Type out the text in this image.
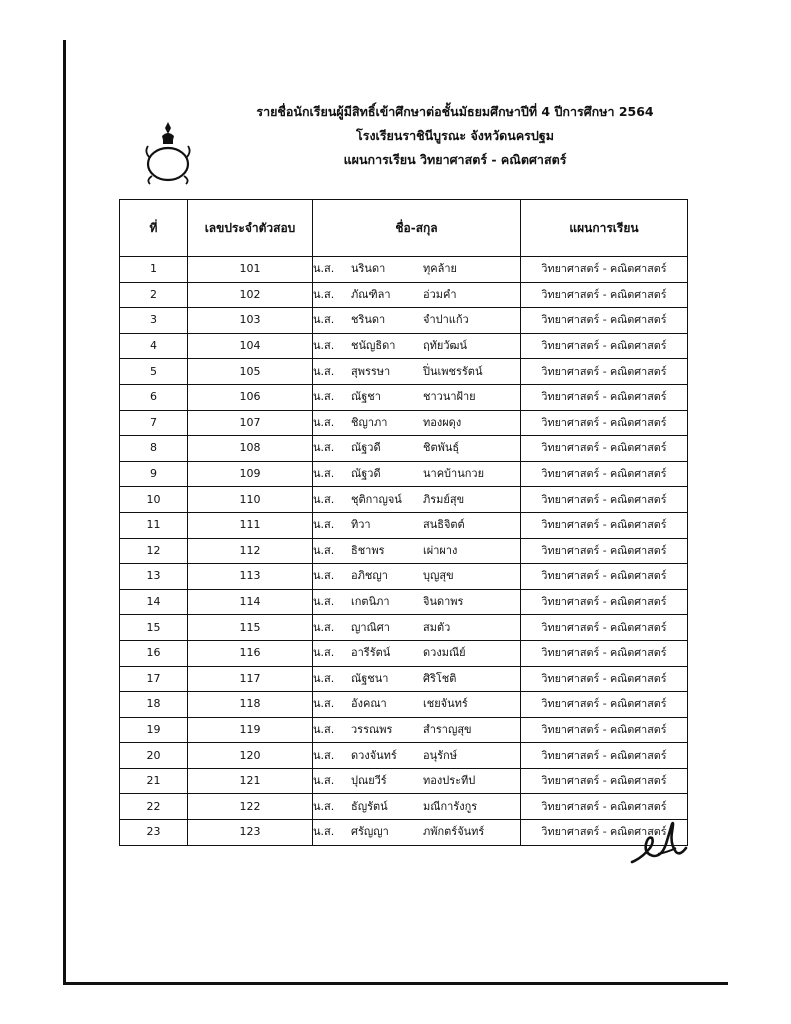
รายชื่อนักเรียนผู้มีสิทธิ์เข้าศึกษาต่อชั้นมัธยมศึกษาปีที่ 4 ปีการศึกษา 2564
โรงเรียนราชินีบูรณะ จังหวัดนครปฐม
แผนการเรียน วิทยาศาสตร์ - คณิตศาสตร์
ที่	เลขประจำตัวสอบ	ชื่อ-สกุล	แผนการเรียน
1	101	น.ส. นรินดา ทุคล้าย	วิทยาศาสตร์ - คณิตศาสตร์
2	102	น.ส. ภัณฑิลา อ่วมคำ	วิทยาศาสตร์ - คณิตศาสตร์
3	103	น.ส. ชรินดา จำปาแก้ว	วิทยาศาสตร์ - คณิตศาสตร์
4	104	น.ส. ชนัญธิดา ฤทัยวัฒน์	วิทยาศาสตร์ - คณิตศาสตร์
5	105	น.ส. สุพรรษา ปิ่นเพชรรัตน์	วิทยาศาสตร์ - คณิตศาสตร์
6	106	น.ส. ณัฐชา ชาวนาฝ้าย	วิทยาศาสตร์ - คณิตศาสตร์
7	107	น.ส. ชิญาภา ทองผดุง	วิทยาศาสตร์ - คณิตศาสตร์
8	108	น.ส. ณัฐวดี ชิตพันธุ์	วิทยาศาสตร์ - คณิตศาสตร์
9	109	น.ส. ณัฐวดี นาคบ้านกวย	วิทยาศาสตร์ - คณิตศาสตร์
10	110	น.ส. ชุติกาญจน์ ภิรมย์สุข	วิทยาศาสตร์ - คณิตศาสตร์
11	111	น.ส. ทิวา สนธิจิตต์	วิทยาศาสตร์ - คณิตศาสตร์
12	112	น.ส. ธิชาพร เผ่าผาง	วิทยาศาสตร์ - คณิตศาสตร์
13	113	น.ส. อภิชญา บุญสุข	วิทยาศาสตร์ - คณิตศาสตร์
14	114	น.ส. เกตนิภา จินดาพร	วิทยาศาสตร์ - คณิตศาสตร์
15	115	น.ส. ญาณิศา สมตัว	วิทยาศาสตร์ - คณิตศาสตร์
16	116	น.ส. อารีรัตน์ ดวงมณีย์	วิทยาศาสตร์ - คณิตศาสตร์
17	117	น.ส. ณัฐชนา ศิริโชติ	วิทยาศาสตร์ - คณิตศาสตร์
18	118	น.ส. อังคณา เชยจันทร์	วิทยาศาสตร์ - คณิตศาสตร์
19	119	น.ส. วรรณพร สำราญสุข	วิทยาศาสตร์ - คณิตศาสตร์
20	120	น.ส. ดวงจันทร์ อนุรักษ์	วิทยาศาสตร์ - คณิตศาสตร์
21	121	น.ส. ปุณยวีร์ ทองประทีป	วิทยาศาสตร์ - คณิตศาสตร์
22	122	น.ส. ธัญรัตน์ มณีการังกูร	วิทยาศาสตร์ - คณิตศาสตร์
23	123	น.ส. ศรัญญา ภพักตร์จันทร์	วิทยาศาสตร์ - คณิตศาสตร์
